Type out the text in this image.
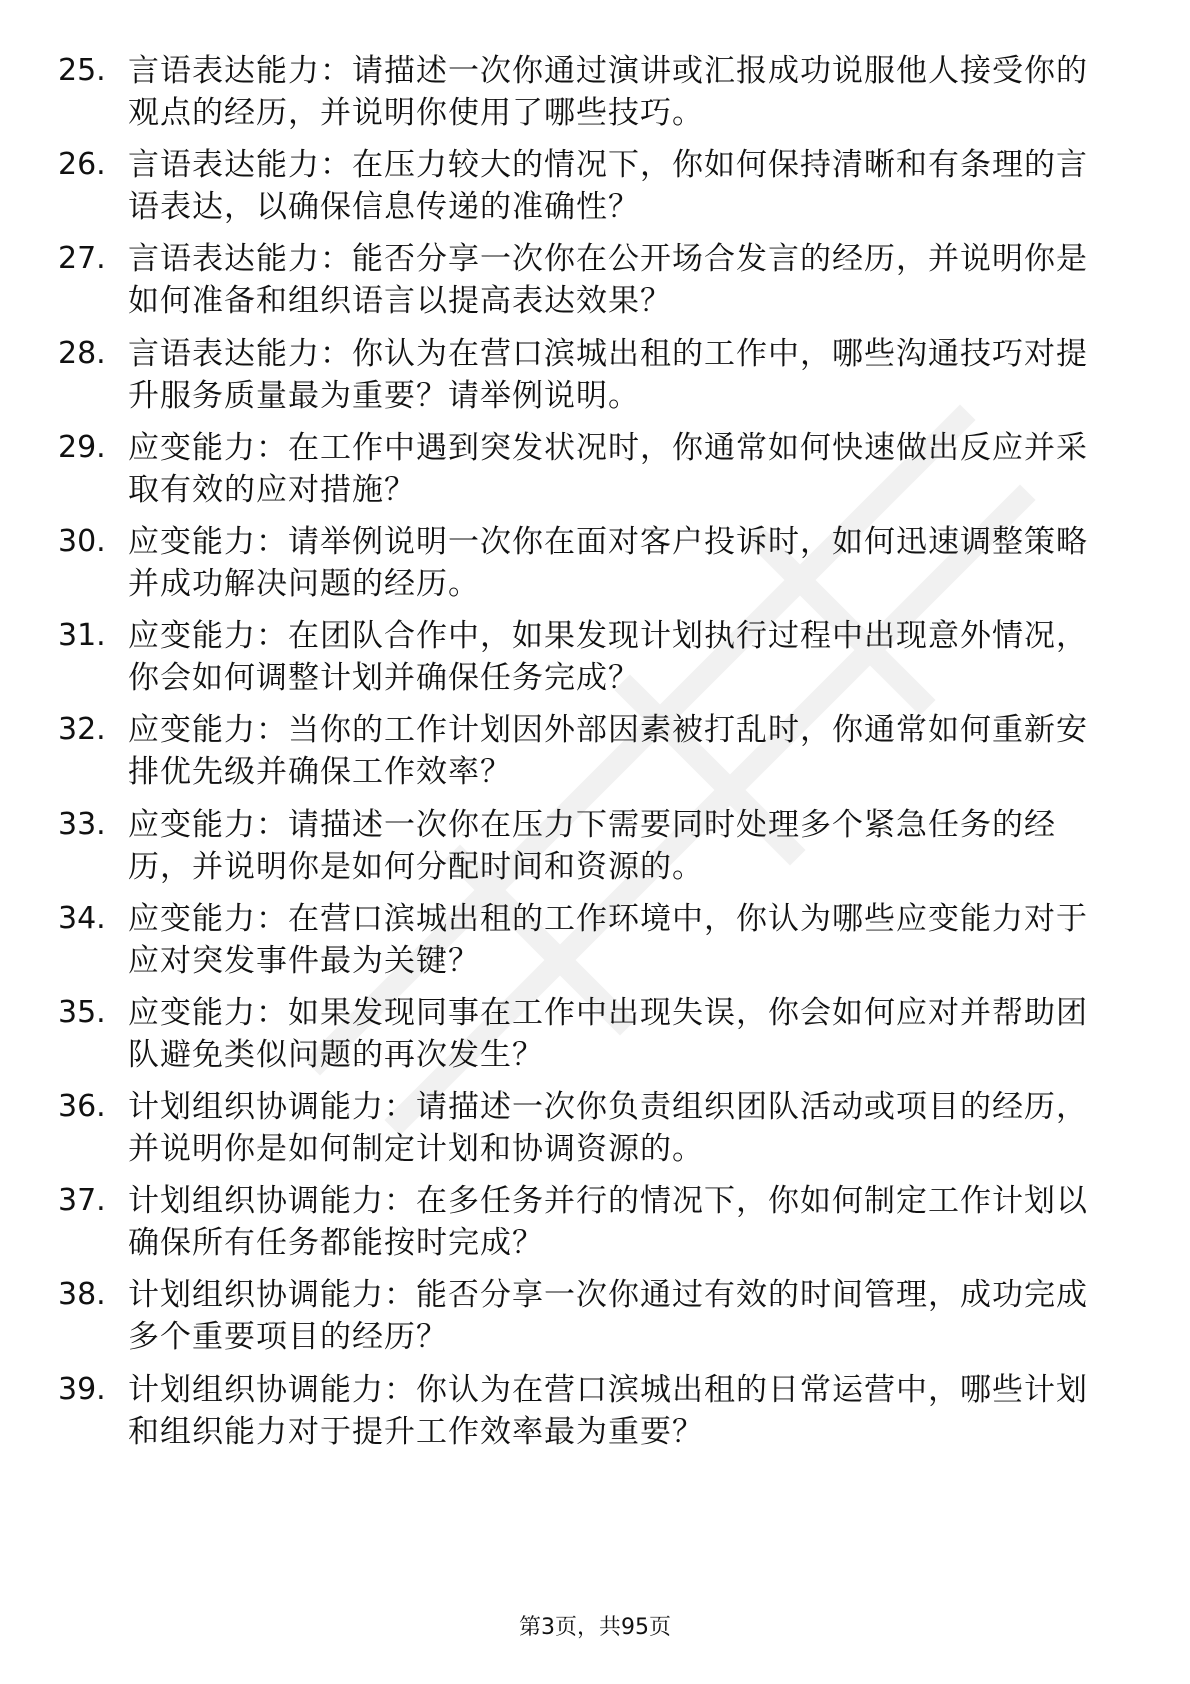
25. 言语表达能力：请描述一次你通过演讲或汇报成功说服他人接受你的观点的经历，并说明你使用了哪些技巧。

26. 言语表达能力：在压力较大的情况下，你如何保持清晰和有条理的言语表达，以确保信息传递的准确性？

27. 言语表达能力：能否分享一次你在公开场合发言的经历，并说明你是如何准备和组织语言以提高表达效果？

28. 言语表达能力：你认为在营口滨城出租的工作中，哪些沟通技巧对提升服务质量最为重要？请举例说明。

29. 应变能力：在工作中遇到突发状况时，你通常如何快速做出反应并采取有效的应对措施？

30. 应变能力：请举例说明一次你在面对客户投诉时，如何迅速调整策略并成功解决问题的经历。

31. 应变能力：在团队合作中，如果发现计划执行过程中出现意外情况，你会如何调整计划并确保任务完成？

32. 应变能力：当你的工作计划因外部因素被打乱时，你通常如何重新安排优先级并确保工作效率？

33. 应变能力：请描述一次你在压力下需要同时处理多个紧急任务的经历，并说明你是如何分配时间和资源的。

34. 应变能力：在营口滨城出租的工作环境中，你认为哪些应变能力对于应对突发事件最为关键？

35. 应变能力：如果发现同事在工作中出现失误，你会如何应对并帮助团队避免类似问题的再次发生？

36. 计划组织协调能力：请描述一次你负责组织团队活动或项目的经历，并说明你是如何制定计划和协调资源的。

37. 计划组织协调能力：在多任务并行的情况下，你如何制定工作计划以确保所有任务都能按时完成？

38. 计划组织协调能力：能否分享一次你通过有效的时间管理，成功完成多个重要项目的经历？

39. 计划组织协调能力：你认为在营口滨城出租的日常运营中，哪些计划和组织能力对于提升工作效率最为重要？

第3页，共95页
